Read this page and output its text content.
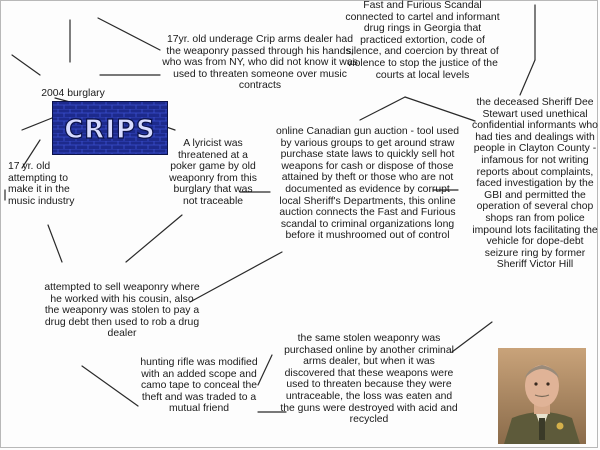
CRIPS
Fast and Furious Scandal connected to cartel and informant drug rings in Georgia that practiced extortion, code of silence, and coercion by threat of violence to stop the justice of the courts at local levels
17yr. old underage Crip arms dealer had the weaponry passed through his hands, who was from NY, who did not know it was used to threaten someone over music contracts
2004 burglary
A lyricist was threatened at a poker game by old weaponry from this burglary that was not traceable
online Canadian gun auction - tool used by various groups to get around straw purchase state laws to quickly sell hot weapons for cash or dispose of those attained by theft or those who are not documented as evidence by corrupt local Sheriff's Departments, this online auction connects the Fast and Furious scandal to criminal organizations long before it mushroomed out of control
the deceased Sheriff Dee Stewart used unethical confidential informants who had ties and dealings with people in Clayton County - infamous for not writing reports about complaints, faced investigation by the GBI and permitted the operation of several chop shops ran from police impound lots facilitating the vehicle for dope-debt seizure ring by former Sheriff Victor Hill
17 yr. old attempting to make it in the music industry
attempted to sell weaponry where he worked with his cousin, also the weaponry was stolen to pay a drug debt then used to rob a drug dealer
hunting rifle was modified with an added scope and camo tape to conceal the theft and was traded to a mutual friend
the same stolen weaponry was purchased online by another criminal arms dealer, but when it was discovered that these weapons were used to threaten because they were untraceable, the loss was eaten and the guns were destroyed with acid and recycled
